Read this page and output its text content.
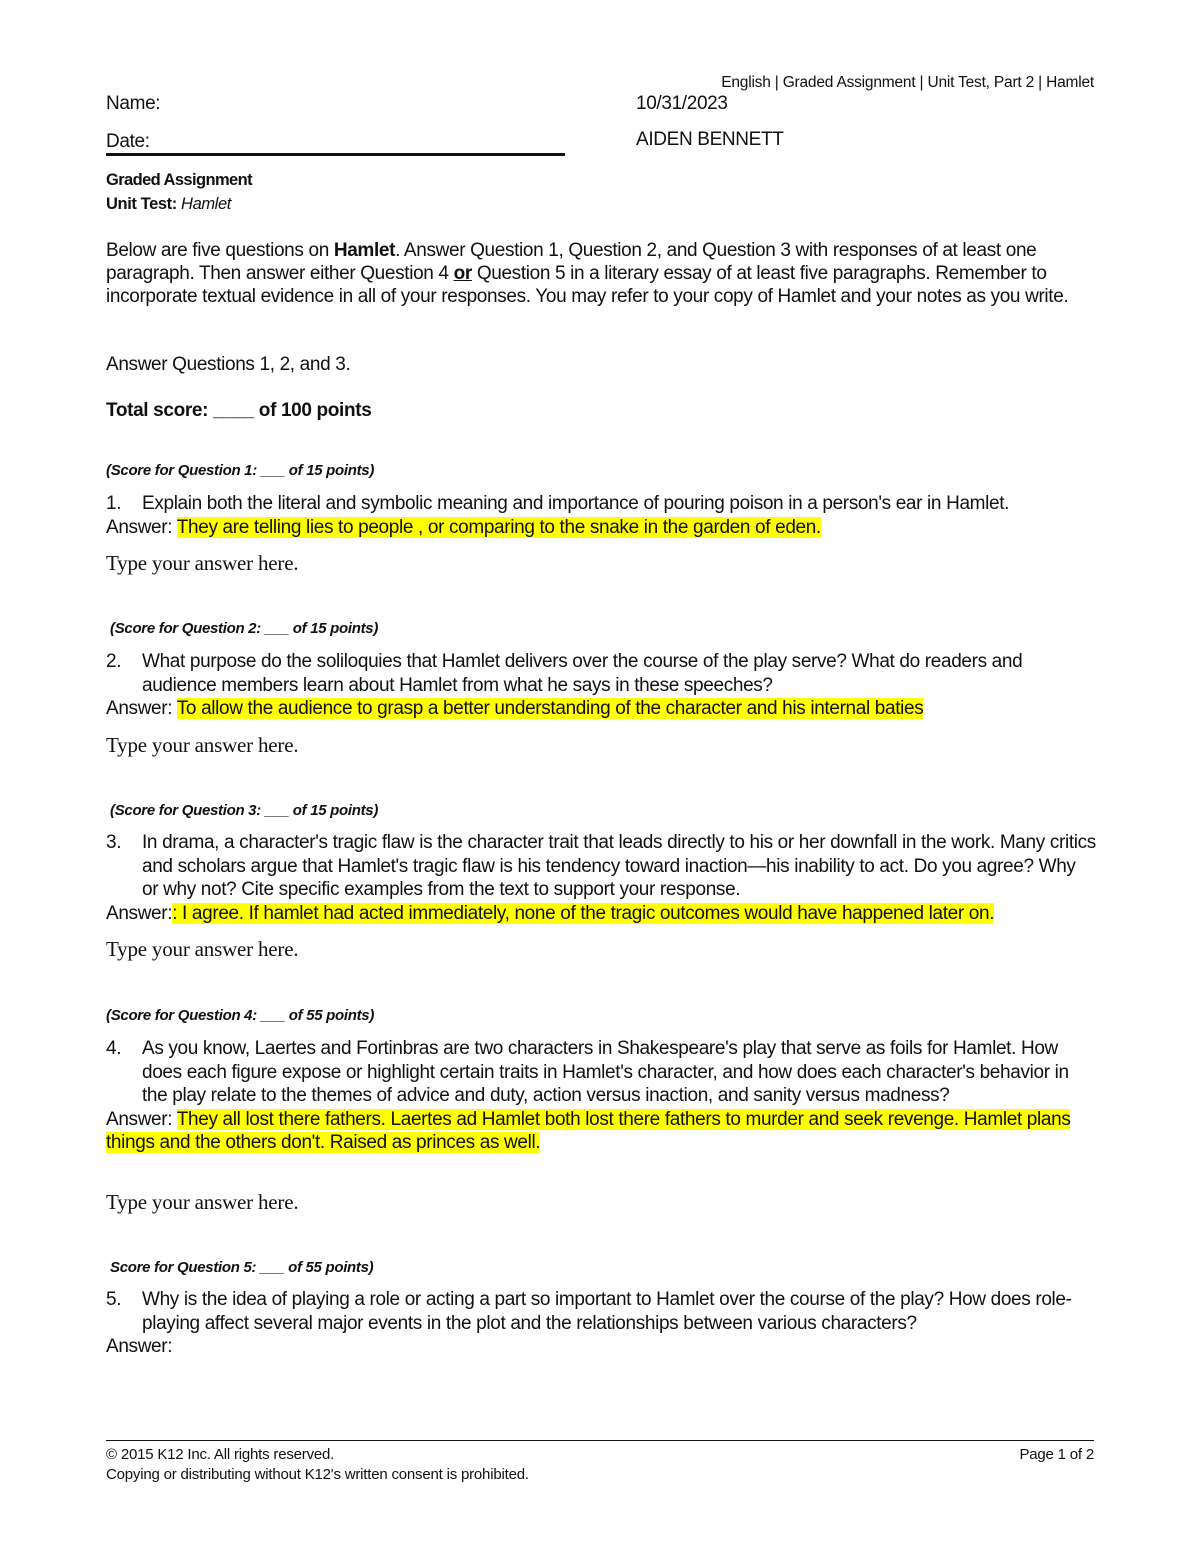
English | Graded Assignment | Unit Test, Part 2 | Hamlet
Name:	10/31/2023
Date:	AIDEN BENNETT
Graded Assignment
Unit Test: Hamlet
Below are five questions on Hamlet. Answer Question 1, Question 2, and Question 3 with responses of at least one paragraph. Then answer either Question 4 or Question 5 in a literary essay of at least five paragraphs. Remember to incorporate textual evidence in all of your responses. You may refer to your copy of Hamlet and your notes as you write.
Answer Questions 1, 2, and 3.
Total score: ____ of 100 points
(Score for Question 1: ___ of 15 points)
1.	Explain both the literal and symbolic meaning and importance of pouring poison in a person's ear in Hamlet.
Answer: They are telling lies to people , or comparing to the snake in the garden of eden.
Type your answer here.
(Score for Question 2: ___ of 15 points)
2.	What purpose do the soliloquies that Hamlet delivers over the course of the play serve? What do readers and audience members learn about Hamlet from what he says in these speeches?
Answer: To allow the audience to grasp a better understanding of the character and his internal baties
Type your answer here.
(Score for Question 3: ___ of 15 points)
3.	In drama, a character's tragic flaw is the character trait that leads directly to his or her downfall in the work. Many critics and scholars argue that Hamlet's tragic flaw is his tendency toward inaction—his inability to act. Do you agree? Why or why not? Cite specific examples from the text to support your response.
Answer:: I agree. If hamlet had acted immediately, none of the tragic outcomes would have happened later on.
Type your answer here.
(Score for Question 4: ___ of 55 points)
4.	As you know, Laertes and Fortinbras are two characters in Shakespeare's play that serve as foils for Hamlet. How does each figure expose or highlight certain traits in Hamlet's character, and how does each character's behavior in the play relate to the themes of advice and duty, action versus inaction, and sanity versus madness?
Answer: They all lost there fathers. Laertes ad Hamlet both lost there fathers to murder and seek revenge. Hamlet plans things and the others don't. Raised as princes as well.
Type your answer here.
Score for Question 5: ___ of 55 points)
5.	Why is the idea of playing a role or acting a part so important to Hamlet over the course of the play? How does role-playing affect several major events in the plot and the relationships between various characters?
Answer:
© 2015 K12 Inc. All rights reserved.
Copying or distributing without K12's written consent is prohibited.
Page 1 of 2
